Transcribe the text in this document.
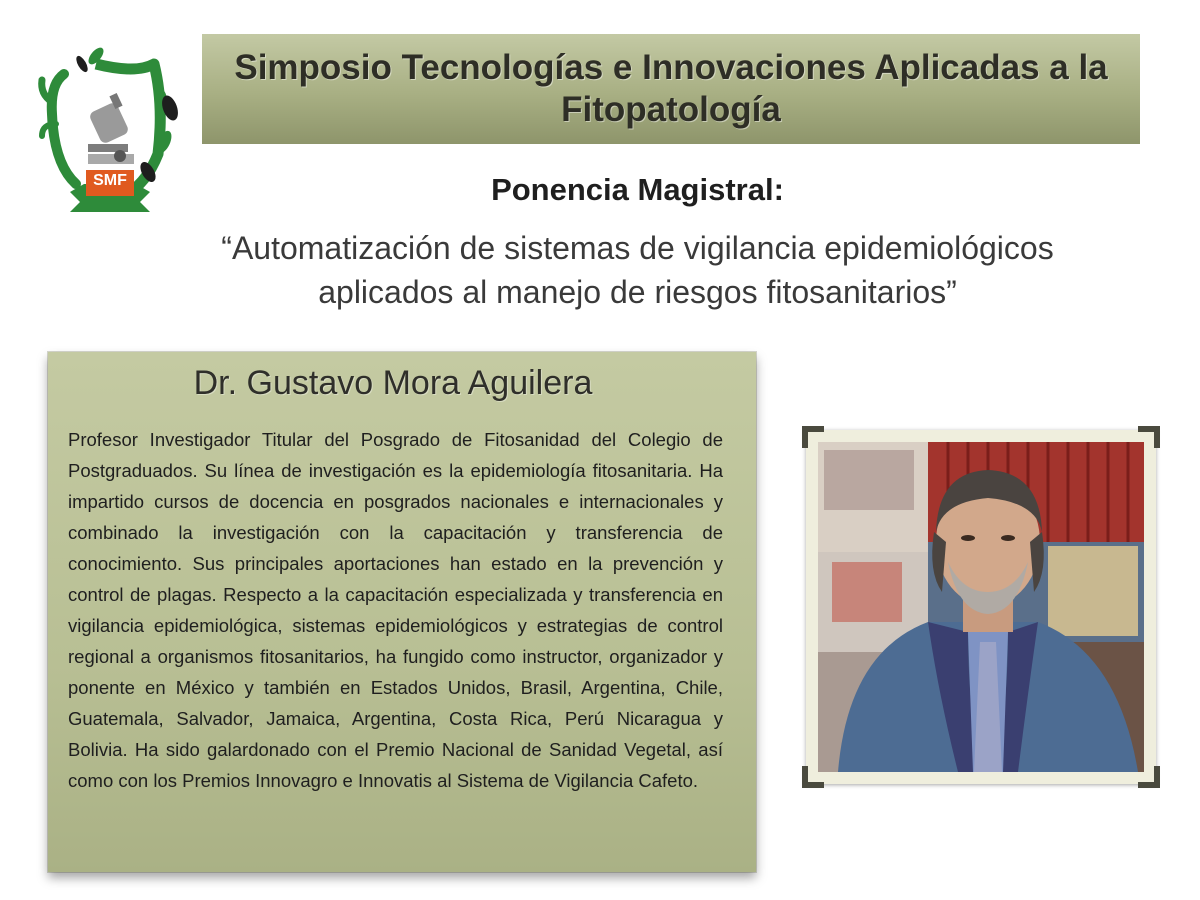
SMF
Simposio Tecnologías e Innovaciones Aplicadas a la Fitopatología
Ponencia Magistral:
“Automatización de sistemas de vigilancia epidemiológicos aplicados al manejo de riesgos fitosanitarios”
Dr. Gustavo Mora Aguilera
Profesor Investigador Titular del Posgrado de Fitosanidad del Colegio de Postgraduados. Su línea de investigación es la epidemiología fitosanitaria. Ha impartido cursos de docencia en posgrados nacionales e internacionales y combinado la investigación con la capacitación y transferencia de conocimiento. Sus principales aportaciones han estado en la prevención y control de plagas. Respecto a la capacitación especializada y transferencia en vigilancia epidemiológica, sistemas epidemiológicos y estrategias de control regional a organismos fitosanitarios, ha fungido como instructor, organizador y ponente en México y también en Estados Unidos, Brasil, Argentina, Chile, Guatemala, Salvador, Jamaica, Argentina, Costa Rica, Perú Nicaragua y Bolivia. Ha sido galardonado con el Premio Nacional de Sanidad Vegetal, así como con los Premios Innovagro e Innovatis al Sistema de Vigilancia Cafeto.
